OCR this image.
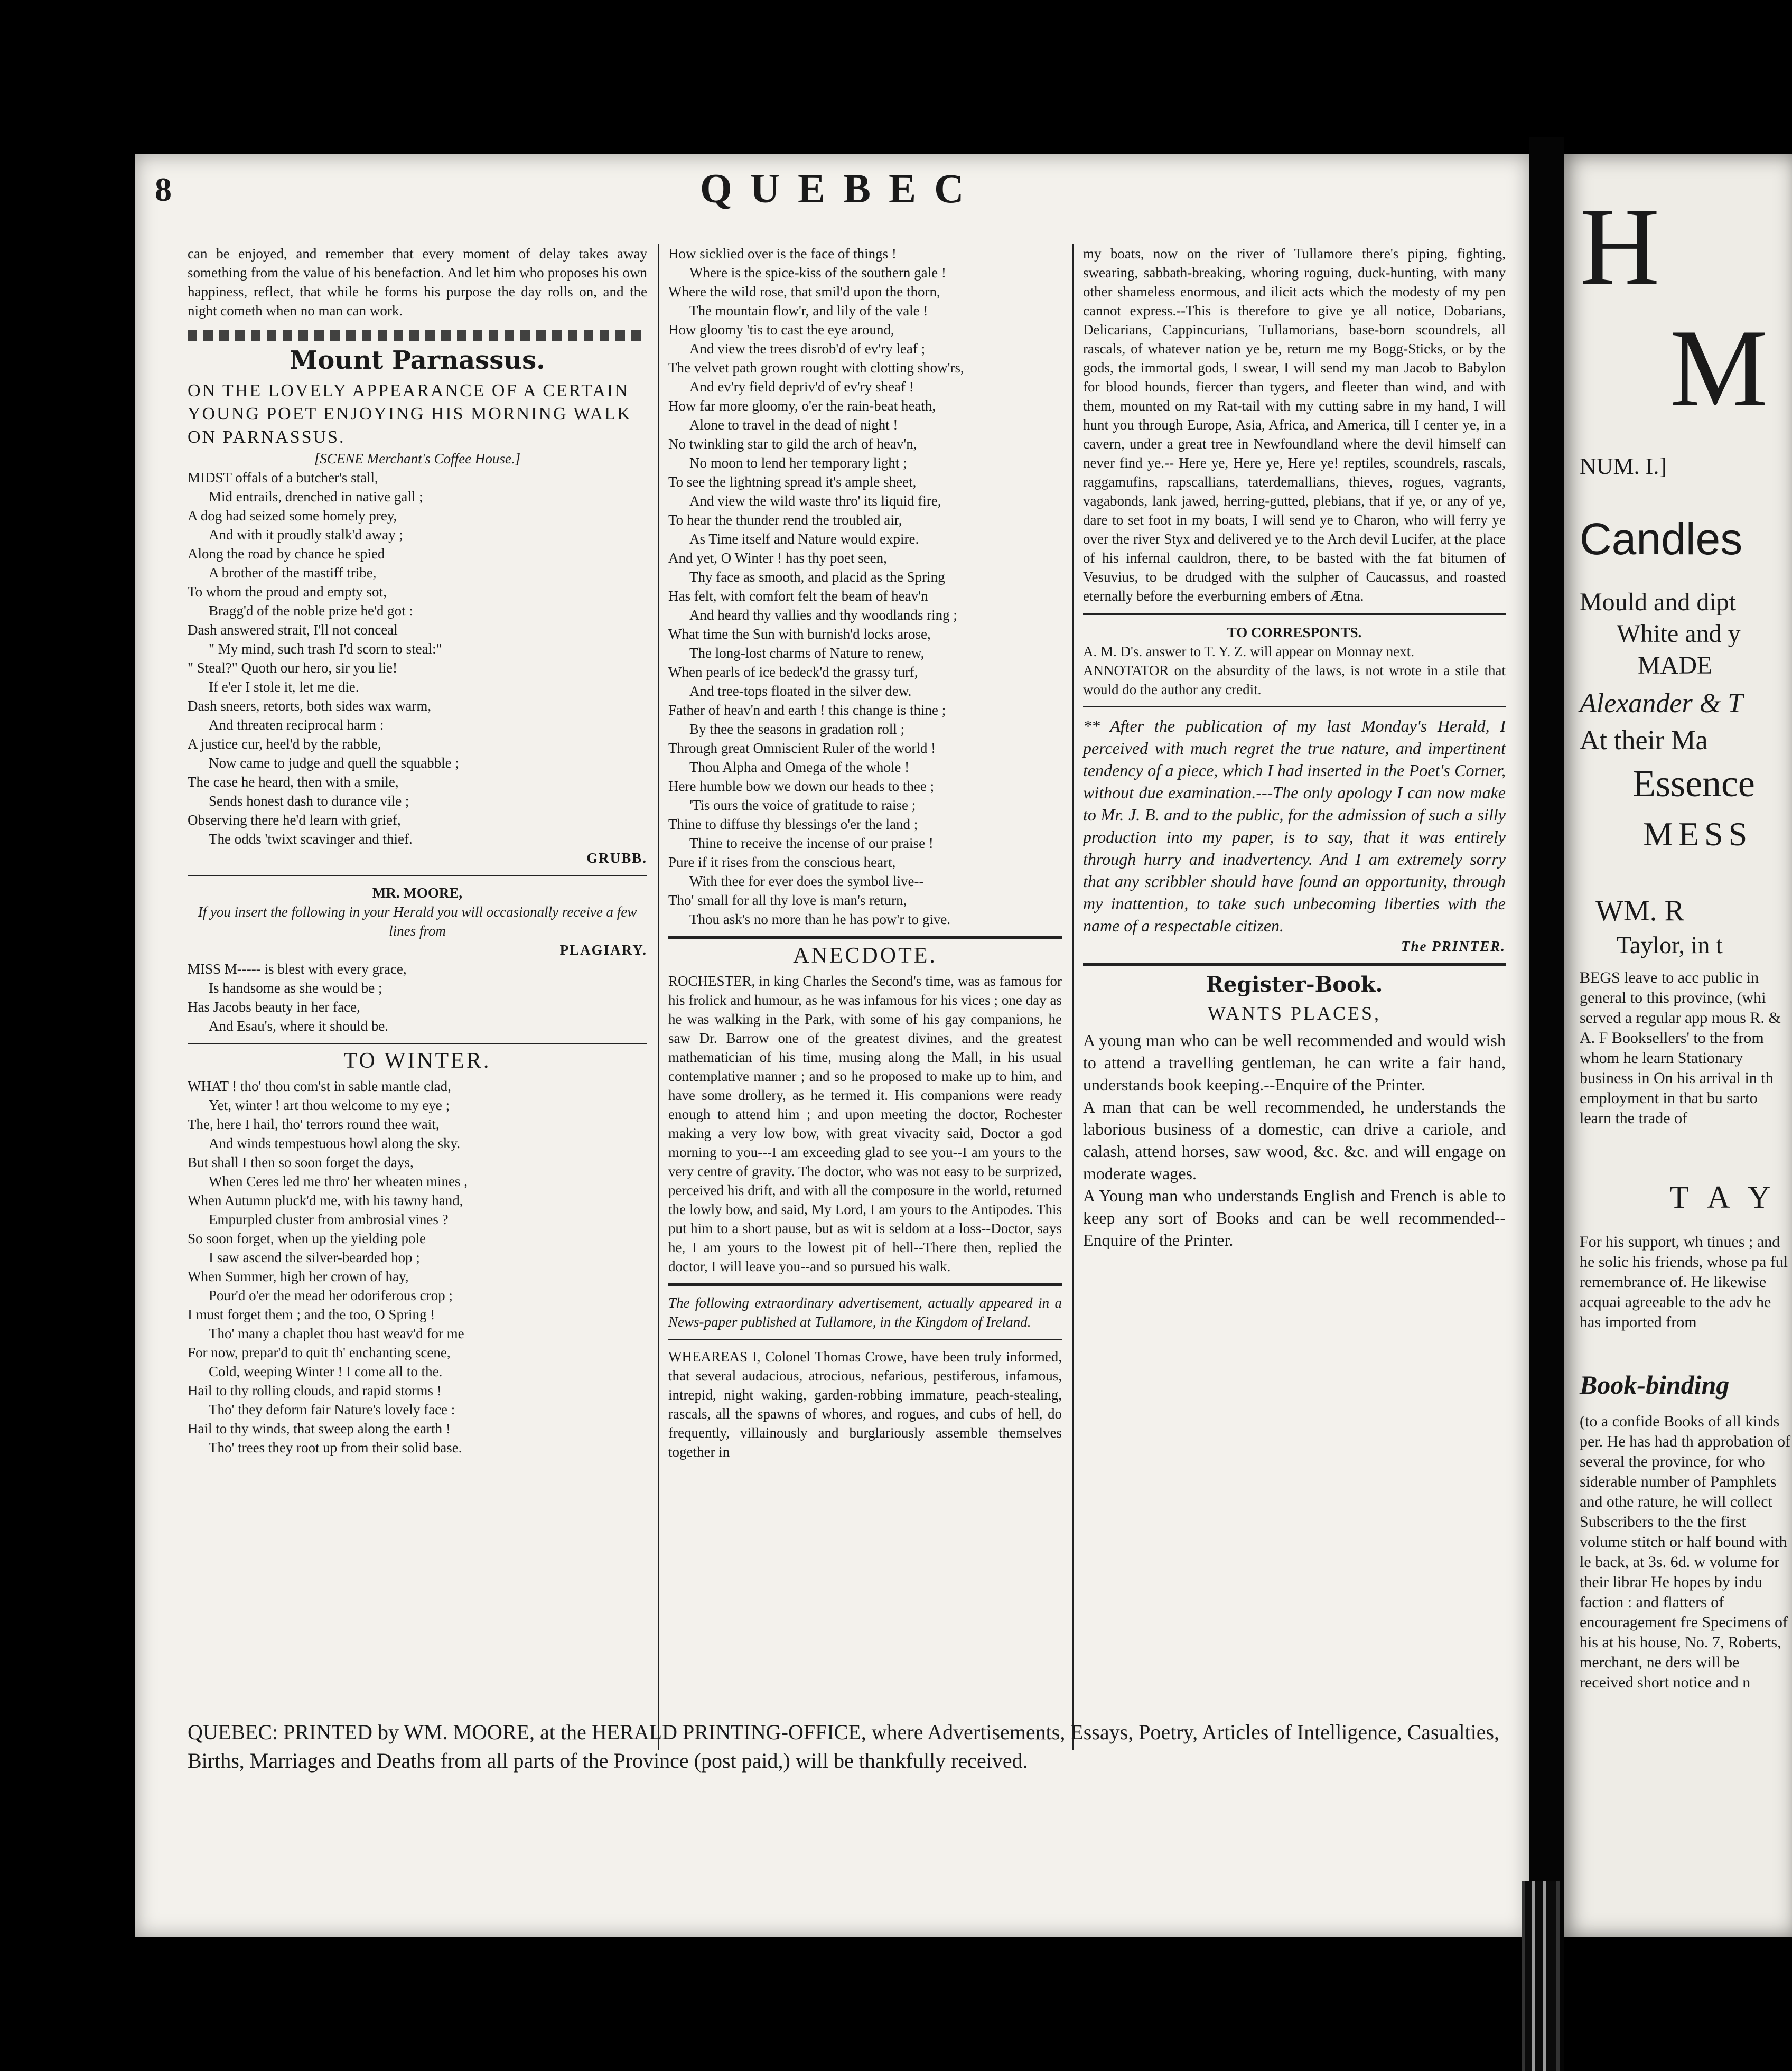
8	QUEBEC

can be enjoyed, and remember that every moment of delay takes away something from the value of his benefaction. And let him who proposes his own happiness, reflect, that while he forms his purpose the day rolls on, and the night cometh when no man can work.

Mount Parnassus.
ON THE LOVELY APPEARANCE OF A CERTAIN YOUNG POET ENJOYING HIS MORNING WALK ON PARNASSUS.
[SCENE Merchant's Coffee House.]

MIDST offals of a butcher's stall,

Mid entrails, drenched in native gall ;

A dog had seized some homely prey,

And with it proudly stalk'd away ;

Along the road by chance he spied

A brother of the mastiff tribe,

To whom the proud and empty sot,

Bragg'd of the noble prize he'd got :

Dash answered strait, I'll not conceal

" My mind, such trash I'd scorn to steal:"

" Steal?" Quoth our hero, sir you lie!

If e'er I stole it, let me die.

Dash sneers, retorts, both sides wax warm,

And threaten reciprocal harm :

A justice cur, heel'd by the rabble,

Now came to judge and quell the squabble ;

The case he heard, then with a smile,

Sends honest dash to durance vile ;

Observing there he'd learn with grief,

The odds 'twixt scavinger and thief.

GRUBB.
MR. MOORE,
If you insert the following in your Herald you will occasionally receive a few lines from
PLAGIARY.

MISS M----- is blest with every grace,

Is handsome as she would be ;

Has Jacobs beauty in her face,

And Esau's, where it should be.

TO WINTER.

WHAT ! tho' thou com'st in sable mantle clad,

Yet, winter ! art thou welcome to my eye ;

The, here I hail, tho' terrors round thee wait,

And winds tempestuous howl along the sky.

But shall I then so soon forget the days,

When Ceres led me thro' her wheaten mines ,

When Autumn pluck'd me, with his tawny hand,

Empurpled cluster from ambrosial vines ?

So soon forget, when up the yielding pole

I saw ascend the silver-bearded hop ;

When Summer, high her crown of hay,

Pour'd o'er the mead her odoriferous crop ;

I must forget them ; and the too, O Spring !

Tho' many a chaplet thou hast weav'd for me

For now, prepar'd to quit th' enchanting scene,

Cold, weeping Winter ! I come all to the.

Hail to thy rolling clouds, and rapid storms !

Tho' they deform fair Nature's lovely face :

Hail to thy winds, that sweep along the earth !

Tho' trees they root up from their solid base.

How sicklied over is the face of things !

Where is the spice-kiss of the southern gale !

Where the wild rose, that smil'd upon the thorn,

The mountain flow'r, and lily of the vale !

How gloomy 'tis to cast the eye around,

And view the trees disrob'd of ev'ry leaf ;

The velvet path grown rought with clotting show'rs,

And ev'ry field depriv'd of ev'ry sheaf !

How far more gloomy, o'er the rain-beat heath,

Alone to travel in the dead of night !

No twinkling star to gild the arch of heav'n,

No moon to lend her temporary light ;

To see the lightning spread it's ample sheet,

And view the wild waste thro' its liquid fire,

To hear the thunder rend the troubled air,

As Time itself and Nature would expire.

And yet, O Winter ! has thy poet seen,

Thy face as smooth, and placid as the Spring

Has felt, with comfort felt the beam of heav'n

And heard thy vallies and thy woodlands ring ;

What time the Sun with burnish'd locks arose,

The long-lost charms of Nature to renew,

When pearls of ice bedeck'd the grassy turf,

And tree-tops floated in the silver dew.

Father of heav'n and earth ! this change is thine ;

By thee the seasons in gradation roll ;

Through great Omniscient Ruler of the world !

Thou Alpha and Omega of the whole !

Here humble bow we down our heads to thee ;

'Tis ours the voice of gratitude to raise ;

Thine to diffuse thy blessings o'er the land ;

Thine to receive the incense of our praise !

Pure if it rises from the conscious heart,

With thee for ever does the symbol live--

Tho' small for all thy love is man's return,

Thou ask's no more than he has pow'r to give.

ANECDOTE.

ROCHESTER, in king Charles the Second's time, was as famous for his frolick and humour, as he was infamous for his vices ; one day as he was walking in the Park, with some of his gay companions, he saw Dr. Barrow one of the greatest divines, and the greatest mathematician of his time, musing along the Mall, in his usual contemplative manner ; and so he proposed to make up to him, and have some drollery, as he termed it. His companions were ready enough to attend him ; and upon meeting the doctor, Rochester making a very low bow, with great vivacity said, Doctor a god morning to you---I am exceeding glad to see you--I am yours to the very centre of gravity. The doctor, who was not easy to be surprized, perceived his drift, and with all the composure in the world, returned the lowly bow, and said, My Lord, I am yours to the Antipodes. This put him to a short pause, but as wit is seldom at a loss--Doctor, says he, I am yours to the lowest pit of hell--There then, replied the doctor, I will leave you--and so pursued his walk.

The following extraordinary advertisement, actually appeared in a News-paper published at Tullamore, in the Kingdom of Ireland.

WHEAREAS I, Colonel Thomas Crowe, have been truly informed, that several audacious, atrocious, nefarious, pestiferous, infamous, intrepid, night waking, garden-robbing immature, peach-stealing, rascals, all the spawns of whores, and rogues, and cubs of hell, do frequently, villainously and burglariously assemble themselves together in

my boats, now on the river of Tullamore there's piping, fighting, swearing, sabbath-breaking, whoring roguing, duck-hunting, with many other shameless enormous, and ilicit acts which the modesty of my pen cannot express.--This is therefore to give ye all notice, Dobarians, Delicarians, Cappincurians, Tullamorians, base-born scoundrels, all rascals, of whatever nation ye be, return me my Bogg-Sticks, or by the gods, the immortal gods, I swear, I will send my man Jacob to Babylon for blood hounds, fiercer than tygers, and fleeter than wind, and with them, mounted on my Rat-tail with my cutting sabre in my hand, I will hunt you through Europe, Asia, Africa, and America, till I center ye, in a cavern, under a great tree in Newfoundland where the devil himself can never find ye.-- Here ye, Here ye, Here ye! reptiles, scoundrels, rascals, raggamufins, rapscallians, taterdemallians, thieves, rogues, vagrants, vagabonds, lank jawed, herring-gutted, plebians, that if ye, or any of ye, dare to set foot in my boats, I will send ye to Charon, who will ferry ye over the river Styx and delivered ye to the Arch devil Lucifer, at the place of his infernal cauldron, there, to be basted with the fat bitumen of Vesuvius, to be drudged with the sulpher of Caucassus, and roasted eternally before the everburning embers of Ætna.

TO CORRESPONTS.

A. M. D's. answer to T. Y. Z. will appear on Monnay next.

ANNOTATOR on the absurdity of the laws, is not wrote in a stile that would do the author any credit.

** After the publication of my last Monday's Herald, I perceived with much regret the true nature, and impertinent tendency of a piece, which I had inserted in the Poet's Corner, without due examination.---The only apology I can now make to Mr. J. B. and to the public, for the admission of such a silly production into my paper, is to say, that it was entirely through hurry and inadvertency. And I am extremely sorry that any scribbler should have found an opportunity, through my inattention, to take such unbecoming liberties with the name of a respectable citizen.

The PRINTER.
Register-Book.
WANTS PLACES,

A young man who can be well recommended and would wish to attend a travelling gentleman, he can write a fair hand, understands book keeping.--Enquire of the Printer.

A man that can be well recommended, he understands the laborious business of a domestic, can drive a cariole, and calash, attend horses, saw wood, &c. &c. and will engage on moderate wages.

A Young man who understands English and French is able to keep any sort of Books and can be well recommended--Enquire of the Printer.

QUEBEC: PRINTED by WM. MOORE, at the HERALD PRINTING-OFFICE, where Advertisements, Essays, Poetry, Articles of Intelligence, Casualties, Births, Marriages and Deaths from all parts of the Province (post paid,) will be thankfully received.
H
M
NUM. I.]
Candles
Mould and dipt
White and y
MADE
Alexander & T
At their Ma
Essence
MESS
WM. R
Taylor, in t
BEGS leave to acc public in general to this province, (whi served a regular app mous R. & A. F Booksellers' to the from whom he learn Stationary business in On his arrival in th employment in that bu sarto learn the trade of
T A Y
For his support, wh tinues ; and he solic his friends, whose pa ful remembrance of. He likewise acquai agreeable to the adv he has imported from
Book-binding
(to a confide Books of all kinds per. He has had th approbation of several the province, for who siderable number of Pamphlets and othe rature, he will collect Subscribers to the the first volume stitch or half bound with le back, at 3s. 6d. w volume for their librar He hopes by indu faction : and flatters of encouragement fre Specimens of his at his house, No. 7, Roberts, merchant, ne ders will be received short notice and n
